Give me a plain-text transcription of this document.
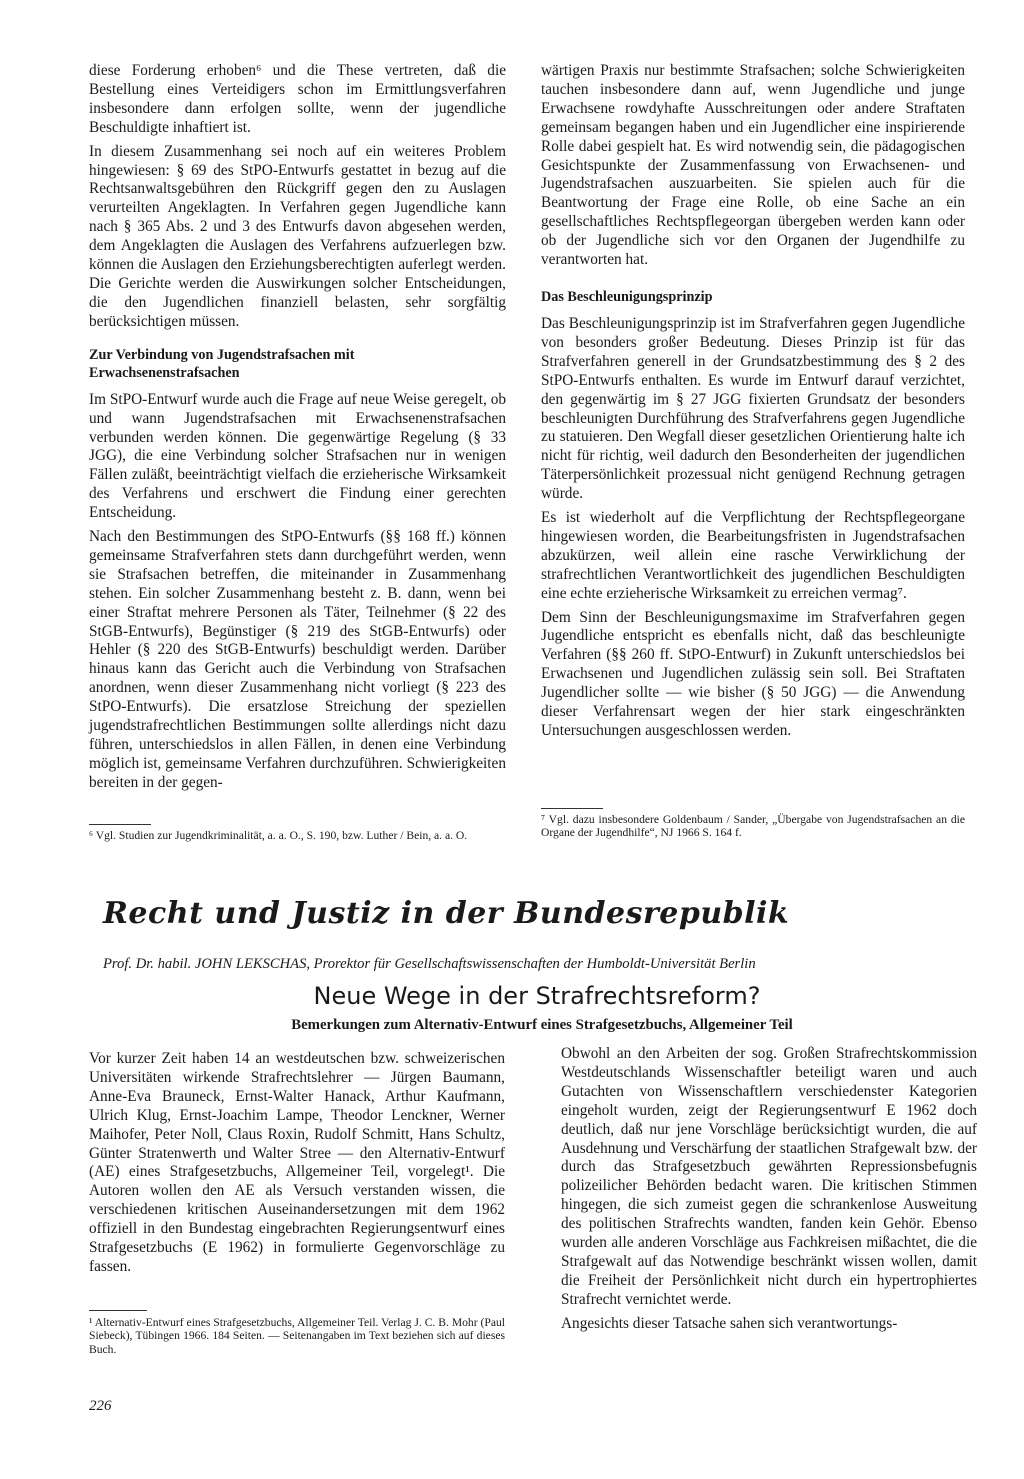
diese Forderung erhoben⁶ und die These vertreten, daß die Bestellung eines Verteidigers schon im Ermittlungsverfahren insbesondere dann erfolgen sollte, wenn der jugendliche Beschuldigte inhaftiert ist.

In diesem Zusammenhang sei noch auf ein weiteres Problem hingewiesen: § 69 des StPO-Entwurfs gestattet in bezug auf die Rechtsanwaltsgebühren den Rückgriff gegen den zu Auslagen verurteilten Angeklagten. In Verfahren gegen Jugendliche kann nach § 365 Abs. 2 und 3 des Entwurfs davon abgesehen werden, dem Angeklagten die Auslagen des Verfahrens aufzuerlegen bzw. können die Auslagen den Erziehungsberechtigten auferlegt werden. Die Gerichte werden die Auswirkungen solcher Entscheidungen, die den Jugendlichen finanziell belasten, sehr sorgfältig berücksichtigen müssen.

Zur Verbindung von Jugendstrafsachen mit Erwachsenenstrafsachen

Im StPO-Entwurf wurde auch die Frage auf neue Weise geregelt, ob und wann Jugendstrafsachen mit Erwachsenenstrafsachen verbunden werden können. Die gegenwärtige Regelung (§ 33 JGG), die eine Verbindung solcher Strafsachen nur in wenigen Fällen zuläßt, beeinträchtigt vielfach die erzieherische Wirksamkeit des Verfahrens und erschwert die Findung einer gerechten Entscheidung.

Nach den Bestimmungen des StPO-Entwurfs (§§ 168 ff.) können gemeinsame Strafverfahren stets dann durchgeführt werden, wenn sie Strafsachen betreffen, die miteinander in Zusammenhang stehen. Ein solcher Zusammenhang besteht z. B. dann, wenn bei einer Straftat mehrere Personen als Täter, Teilnehmer (§ 22 des StGB-Entwurfs), Begünstiger (§ 219 des StGB-Entwurfs) oder Hehler (§ 220 des StGB-Entwurfs) beschuldigt werden. Darüber hinaus kann das Gericht auch die Verbindung von Strafsachen anordnen, wenn dieser Zusammenhang nicht vorliegt (§ 223 des StPO-Entwurfs). Die ersatzlose Streichung der speziellen jugendstrafrechtlichen Bestimmungen sollte allerdings nicht dazu führen, unterschiedslos in allen Fällen, in denen eine Verbindung möglich ist, gemeinsame Verfahren durchzuführen. Schwierigkeiten bereiten in der gegen-

⁶ Vgl. Studien zur Jugendkriminalität, a. a. O., S. 190, bzw. Luther / Bein, a. a. O.

wärtigen Praxis nur bestimmte Strafsachen; solche Schwierigkeiten tauchen insbesondere dann auf, wenn Jugendliche und junge Erwachsene rowdyhafte Ausschreitungen oder andere Straftaten gemeinsam begangen haben und ein Jugendlicher eine inspirierende Rolle dabei gespielt hat. Es wird notwendig sein, die pädagogischen Gesichtspunkte der Zusammenfassung von Erwachsenen- und Jugendstrafsachen auszuarbeiten. Sie spielen auch für die Beantwortung der Frage eine Rolle, ob eine Sache an ein gesellschaftliches Rechtspflegeorgan übergeben werden kann oder ob der Jugendliche sich vor den Organen der Jugendhilfe zu verantworten hat.

Das Beschleunigungsprinzip

Das Beschleunigungsprinzip ist im Strafverfahren gegen Jugendliche von besonders großer Bedeutung. Dieses Prinzip ist für das Strafverfahren generell in der Grundsatzbestimmung des § 2 des StPO-Entwurfs enthalten. Es wurde im Entwurf darauf verzichtet, den gegenwärtig im § 27 JGG fixierten Grundsatz der besonders beschleunigten Durchführung des Strafverfahrens gegen Jugendliche zu statuieren. Den Wegfall dieser gesetzlichen Orientierung halte ich nicht für richtig, weil dadurch den Besonderheiten der jugendlichen Täterpersönlichkeit prozessual nicht genügend Rechnung getragen würde.

Es ist wiederholt auf die Verpflichtung der Rechtspflegeorgane hingewiesen worden, die Bearbeitungsfristen in Jugendstrafsachen abzukürzen, weil allein eine rasche Verwirklichung der strafrechtlichen Verantwortlichkeit des jugendlichen Beschuldigten eine echte erzieherische Wirksamkeit zu erreichen vermag⁷.

Dem Sinn der Beschleunigungsmaxime im Strafverfahren gegen Jugendliche entspricht es ebenfalls nicht, daß das beschleunigte Verfahren (§§ 260 ff. StPO-Entwurf) in Zukunft unterschiedslos bei Erwachsenen und Jugendlichen zulässig sein soll. Bei Straftaten Jugendlicher sollte — wie bisher (§ 50 JGG) — die Anwendung dieser Verfahrensart wegen der hier stark eingeschränkten Untersuchungen ausgeschlossen werden.

⁷ Vgl. dazu insbesondere Goldenbaum / Sander, „Übergabe von Jugendstrafsachen an die Organe der Jugendhilfe“, NJ 1966 S. 164 f.
Recht und Justiz in der Bundesrepublik
Prof. Dr. habil. JOHN LEKSCHAS, Prorektor für Gesellschaftswissenschaften der Humboldt-Universität Berlin
Neue Wege in der Strafrechtsreform?
Bemerkungen zum Alternativ-Entwurf eines Strafgesetzbuchs, Allgemeiner Teil

Vor kurzer Zeit haben 14 an westdeutschen bzw. schweizerischen Universitäten wirkende Strafrechtslehrer — Jürgen Baumann, Anne-Eva Brauneck, Ernst-Walter Hanack, Arthur Kaufmann, Ulrich Klug, Ernst-Joachim Lampe, Theodor Lenckner, Werner Maihofer, Peter Noll, Claus Roxin, Rudolf Schmitt, Hans Schultz, Günter Stratenwerth und Walter Stree — den Alternativ-Entwurf (AE) eines Strafgesetzbuchs, Allgemeiner Teil, vorgelegt¹. Die Autoren wollen den AE als Versuch verstanden wissen, die verschiedenen kritischen Auseinandersetzungen mit dem 1962 offiziell in den Bundestag eingebrachten Regierungsentwurf eines Strafgesetzbuchs (E 1962) in formulierte Gegenvorschläge zu fassen.

¹ Alternativ-Entwurf eines Strafgesetzbuchs, Allgemeiner Teil. Verlag J. C. B. Mohr (Paul Siebeck), Tübingen 1966. 184 Seiten. — Seitenangaben im Text beziehen sich auf dieses Buch.

Obwohl an den Arbeiten der sog. Großen Strafrechtskommission Westdeutschlands Wissenschaftler beteiligt waren und auch Gutachten von Wissenschaftlern verschiedenster Kategorien eingeholt wurden, zeigt der Regierungsentwurf E 1962 doch deutlich, daß nur jene Vorschläge berücksichtigt wurden, die auf Ausdehnung und Verschärfung der staatlichen Strafgewalt bzw. der durch das Strafgesetzbuch gewährten Repressionsbefugnis polizeilicher Behörden bedacht waren. Die kritischen Stimmen hingegen, die sich zumeist gegen die schrankenlose Ausweitung des politischen Strafrechts wandten, fanden kein Gehör. Ebenso wurden alle anderen Vorschläge aus Fachkreisen mißachtet, die die Strafgewalt auf das Notwendige beschränkt wissen wollen, damit die Freiheit der Persönlichkeit nicht durch ein hypertrophiertes Strafrecht vernichtet werde.

Angesichts dieser Tatsache sahen sich verantwortungs-

226
